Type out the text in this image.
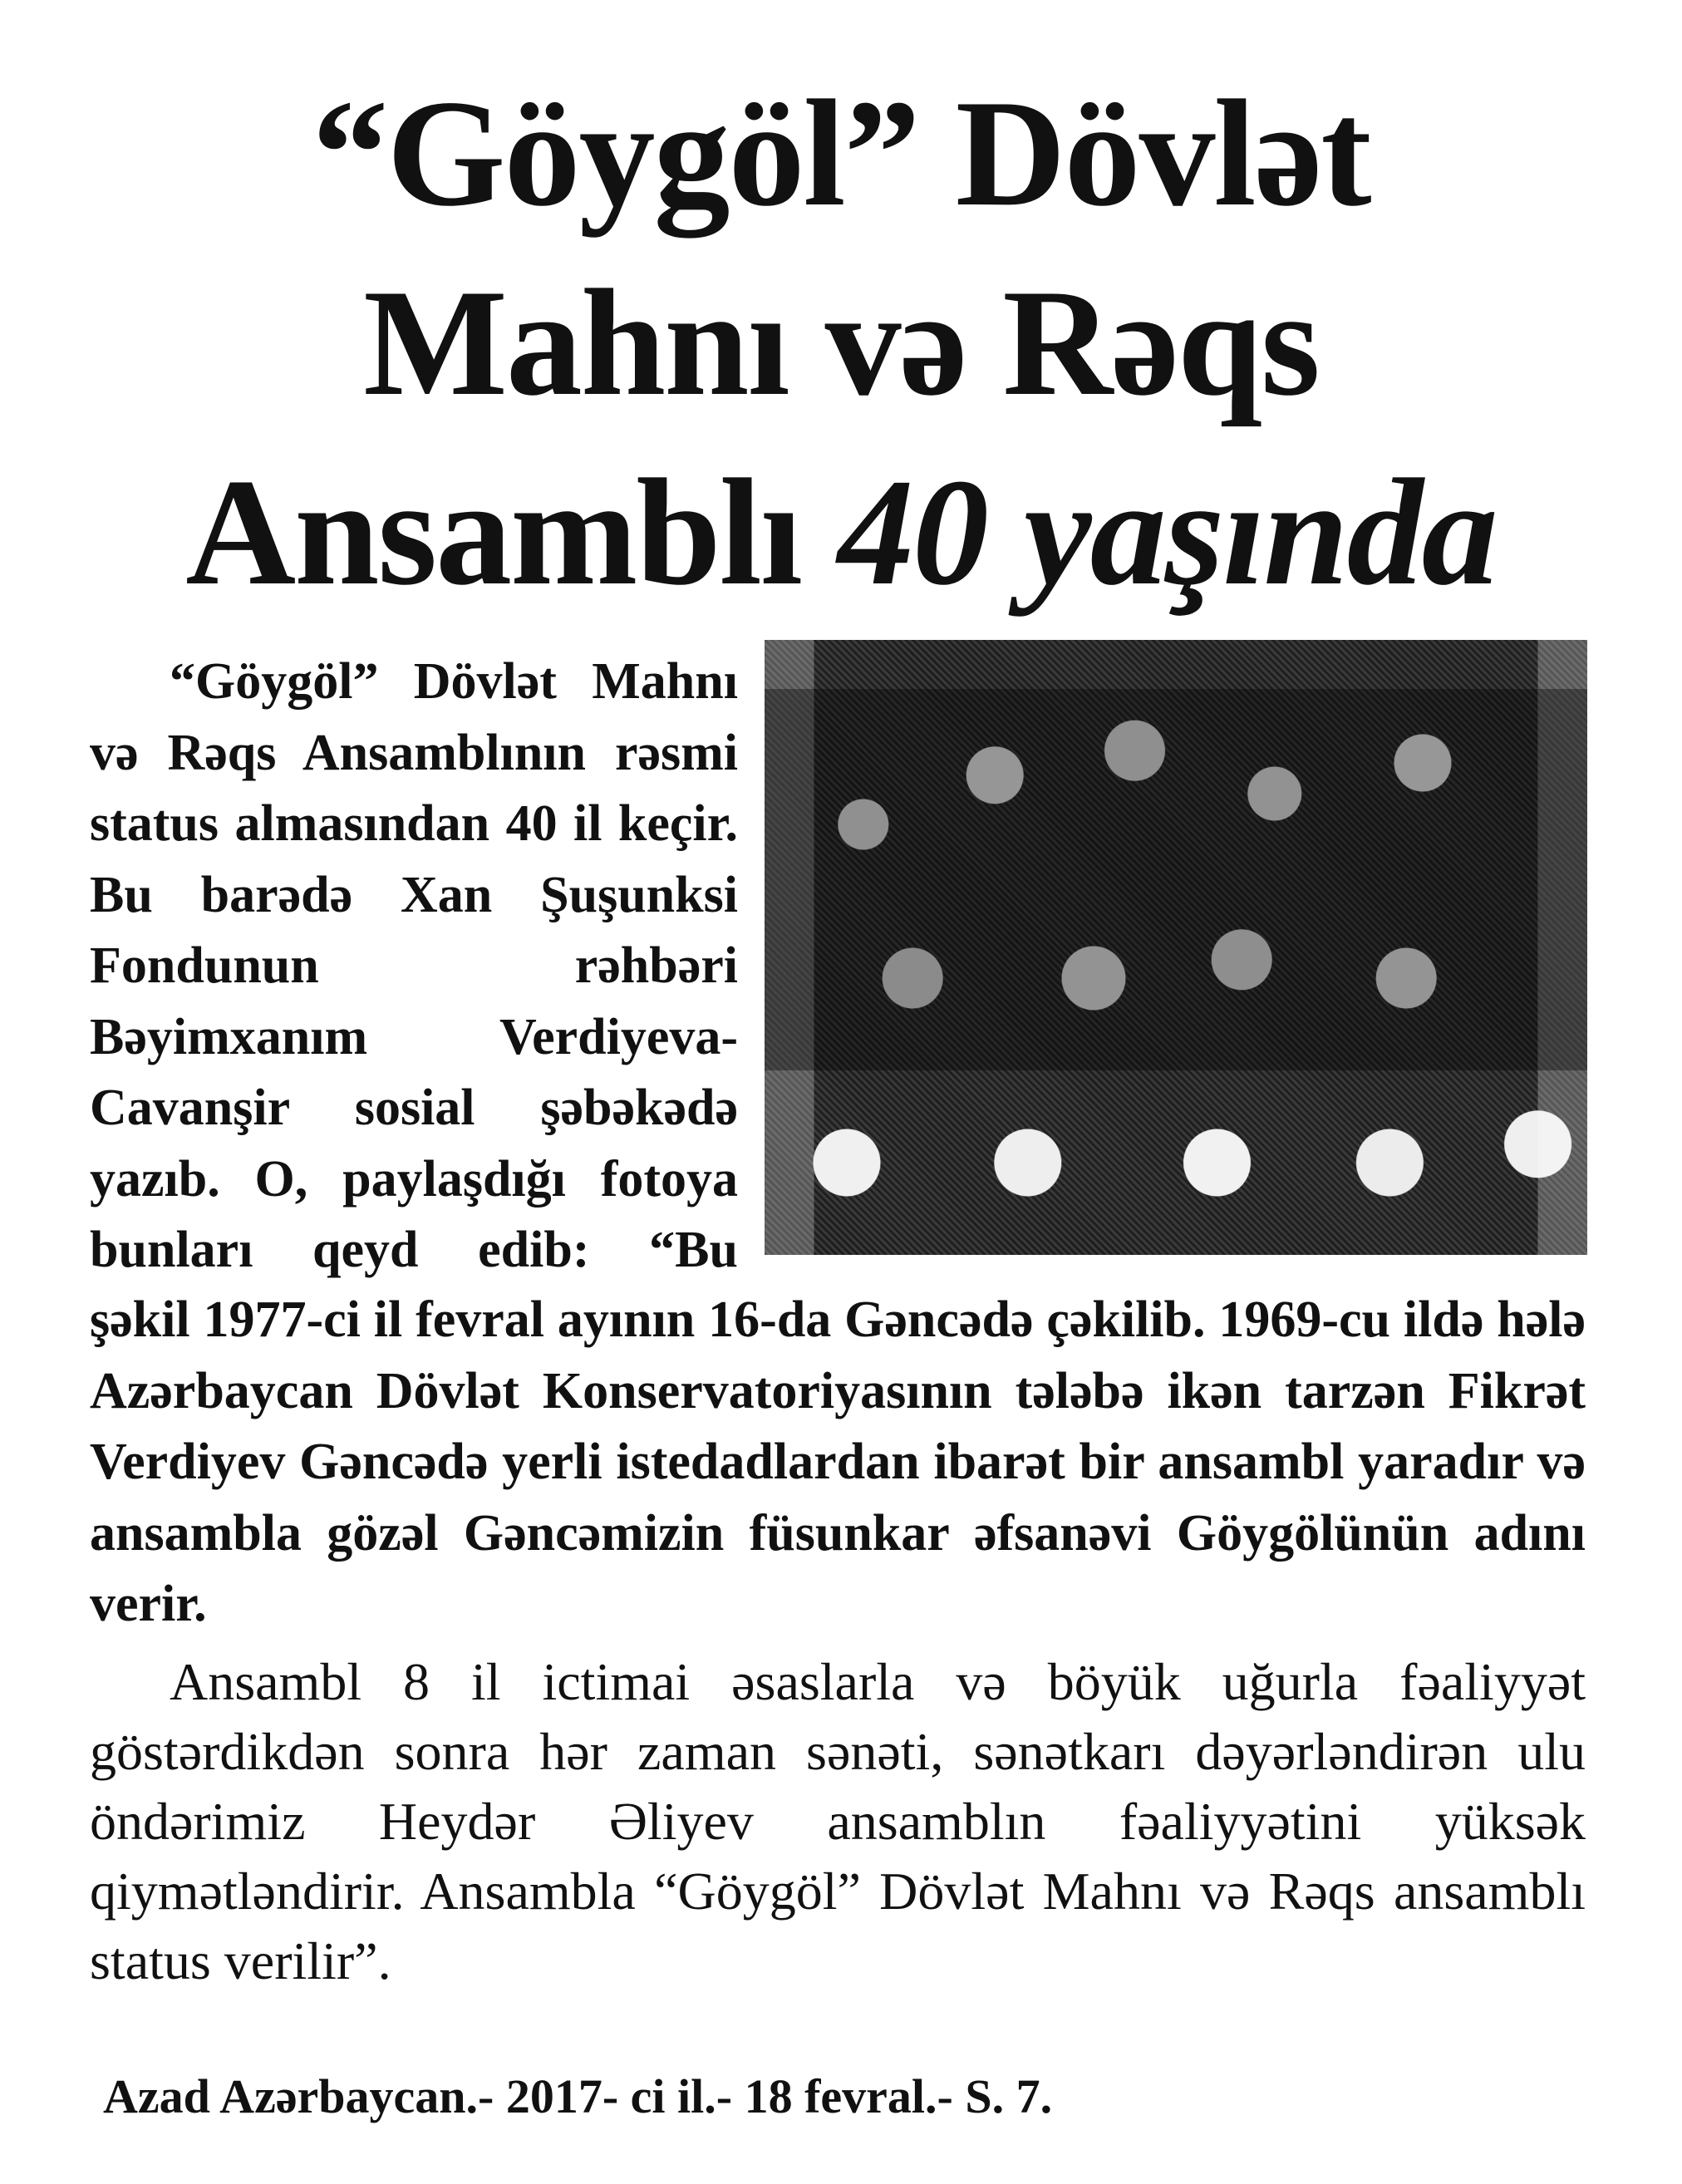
“Göygöl” Dövlət
Mahnı və Rəqs
Ansamblı 40 yaşında

“Göygöl” Dövlət Mahnı və Rəqs Ansamblının rəsmi status almasından 40 il keçir. Bu barədə Xan Şuşunksi Fondunun rəhbəri Bəyimxanım Verdiyeva-Cavanşir sosial şəbəkədə yazıb. O, paylaşdığı fotoya bunları qeyd edib: “Bu

şəkil 1977-ci il fevral ayının 16-da Gəncədə çəkilib. 1969-cu ildə hələ Azərbaycan Dövlət Konservatoriyasının tələbə ikən tarzən Fikrət Verdiyev Gəncədə yerli istedadlardan ibarət bir ansambl yaradır və ansambla gözəl Gəncəmizin füsunkar əfsanəvi Göygölünün adını verir.

Ansambl 8 il ictimai əsaslarla və böyük uğurla fəaliyyət göstərdikdən sonra hər zaman sənəti, sənətkarı dəyərləndirən ulu öndərimiz Heydər Əliyev ansamblın fəaliyyətini yüksək qiymətləndirir. Ansambla “Göygöl” Dövlət Mahnı və Rəqs ansamblı status verilir”.

Azad Azərbaycan.- 2017- ci il.- 18 fevral.- S. 7.
